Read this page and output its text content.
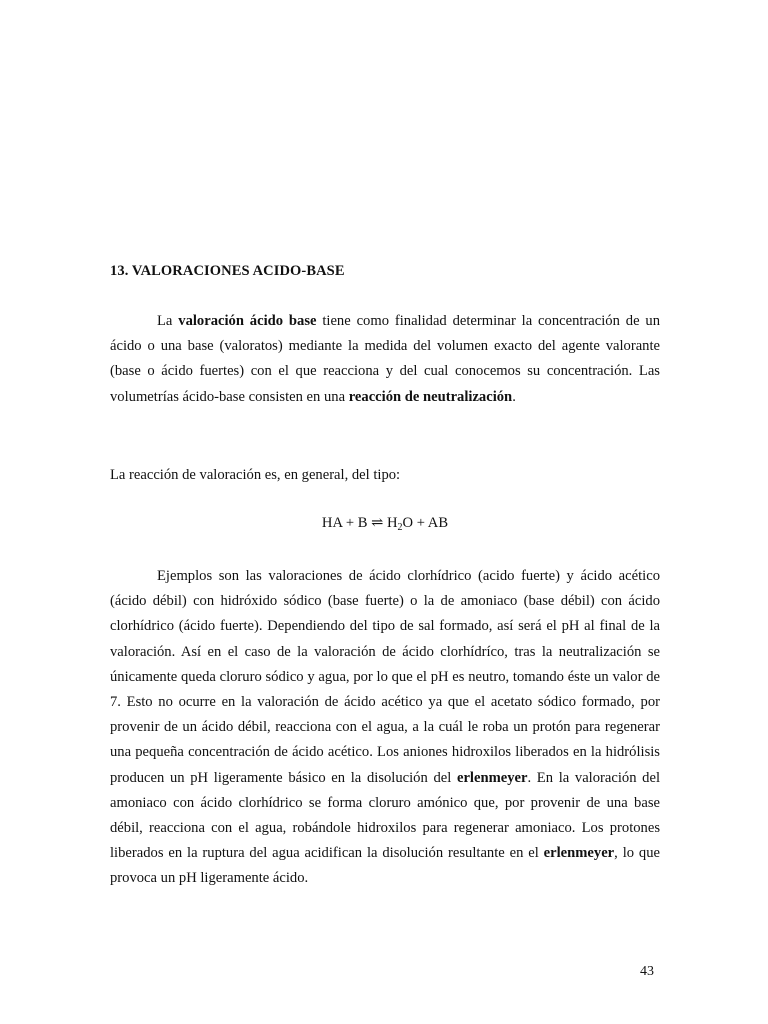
13. VALORACIONES ACIDO-BASE

La valoración ácido base tiene como finalidad determinar la concentración de un ácido o una base (valoratos) mediante la medida del volumen exacto del agente valorante (base o ácido fuertes) con el que reacciona y del cual conocemos su concentración. Las volumetrías ácido-base consisten en una reacción de neutralización.

La reacción de valoración es, en general, del tipo:

HA + B ⇌ $H_2O$ + AB

Ejemplos son las valoraciones de ácido clorhídrico (acido fuerte) y ácido acético (ácido débil) con hidróxido sódico (base fuerte) o la de amoniaco (base débil) con ácido clorhídrico (ácido fuerte). Dependiendo del tipo de sal formado, así será el pH al final de la valoración. Así en el caso de la valoración de ácido clorhídríco, tras la neutralización se únicamente queda cloruro sódico y agua, por lo que el pH es neutro, tomando éste un valor de 7. Esto no ocurre en la valoración de ácido acético ya que el acetato sódico formado, por provenir de un ácido débil, reacciona con el agua, a la cuál le roba un protón para regenerar una pequeña concentración de ácido acético. Los aniones hidroxilos liberados en la hidrólisis producen un pH ligeramente básico en la disolución del erlenmeyer. En la valoración del amoniaco con ácido clorhídrico se forma cloruro amónico que, por provenir de una base débil, reacciona con el agua, robándole hidroxilos para regenerar amoniaco. Los protones liberados en la ruptura del agua acidifican la disolución resultante en el erlenmeyer, lo que provoca un pH ligeramente ácido.

43
